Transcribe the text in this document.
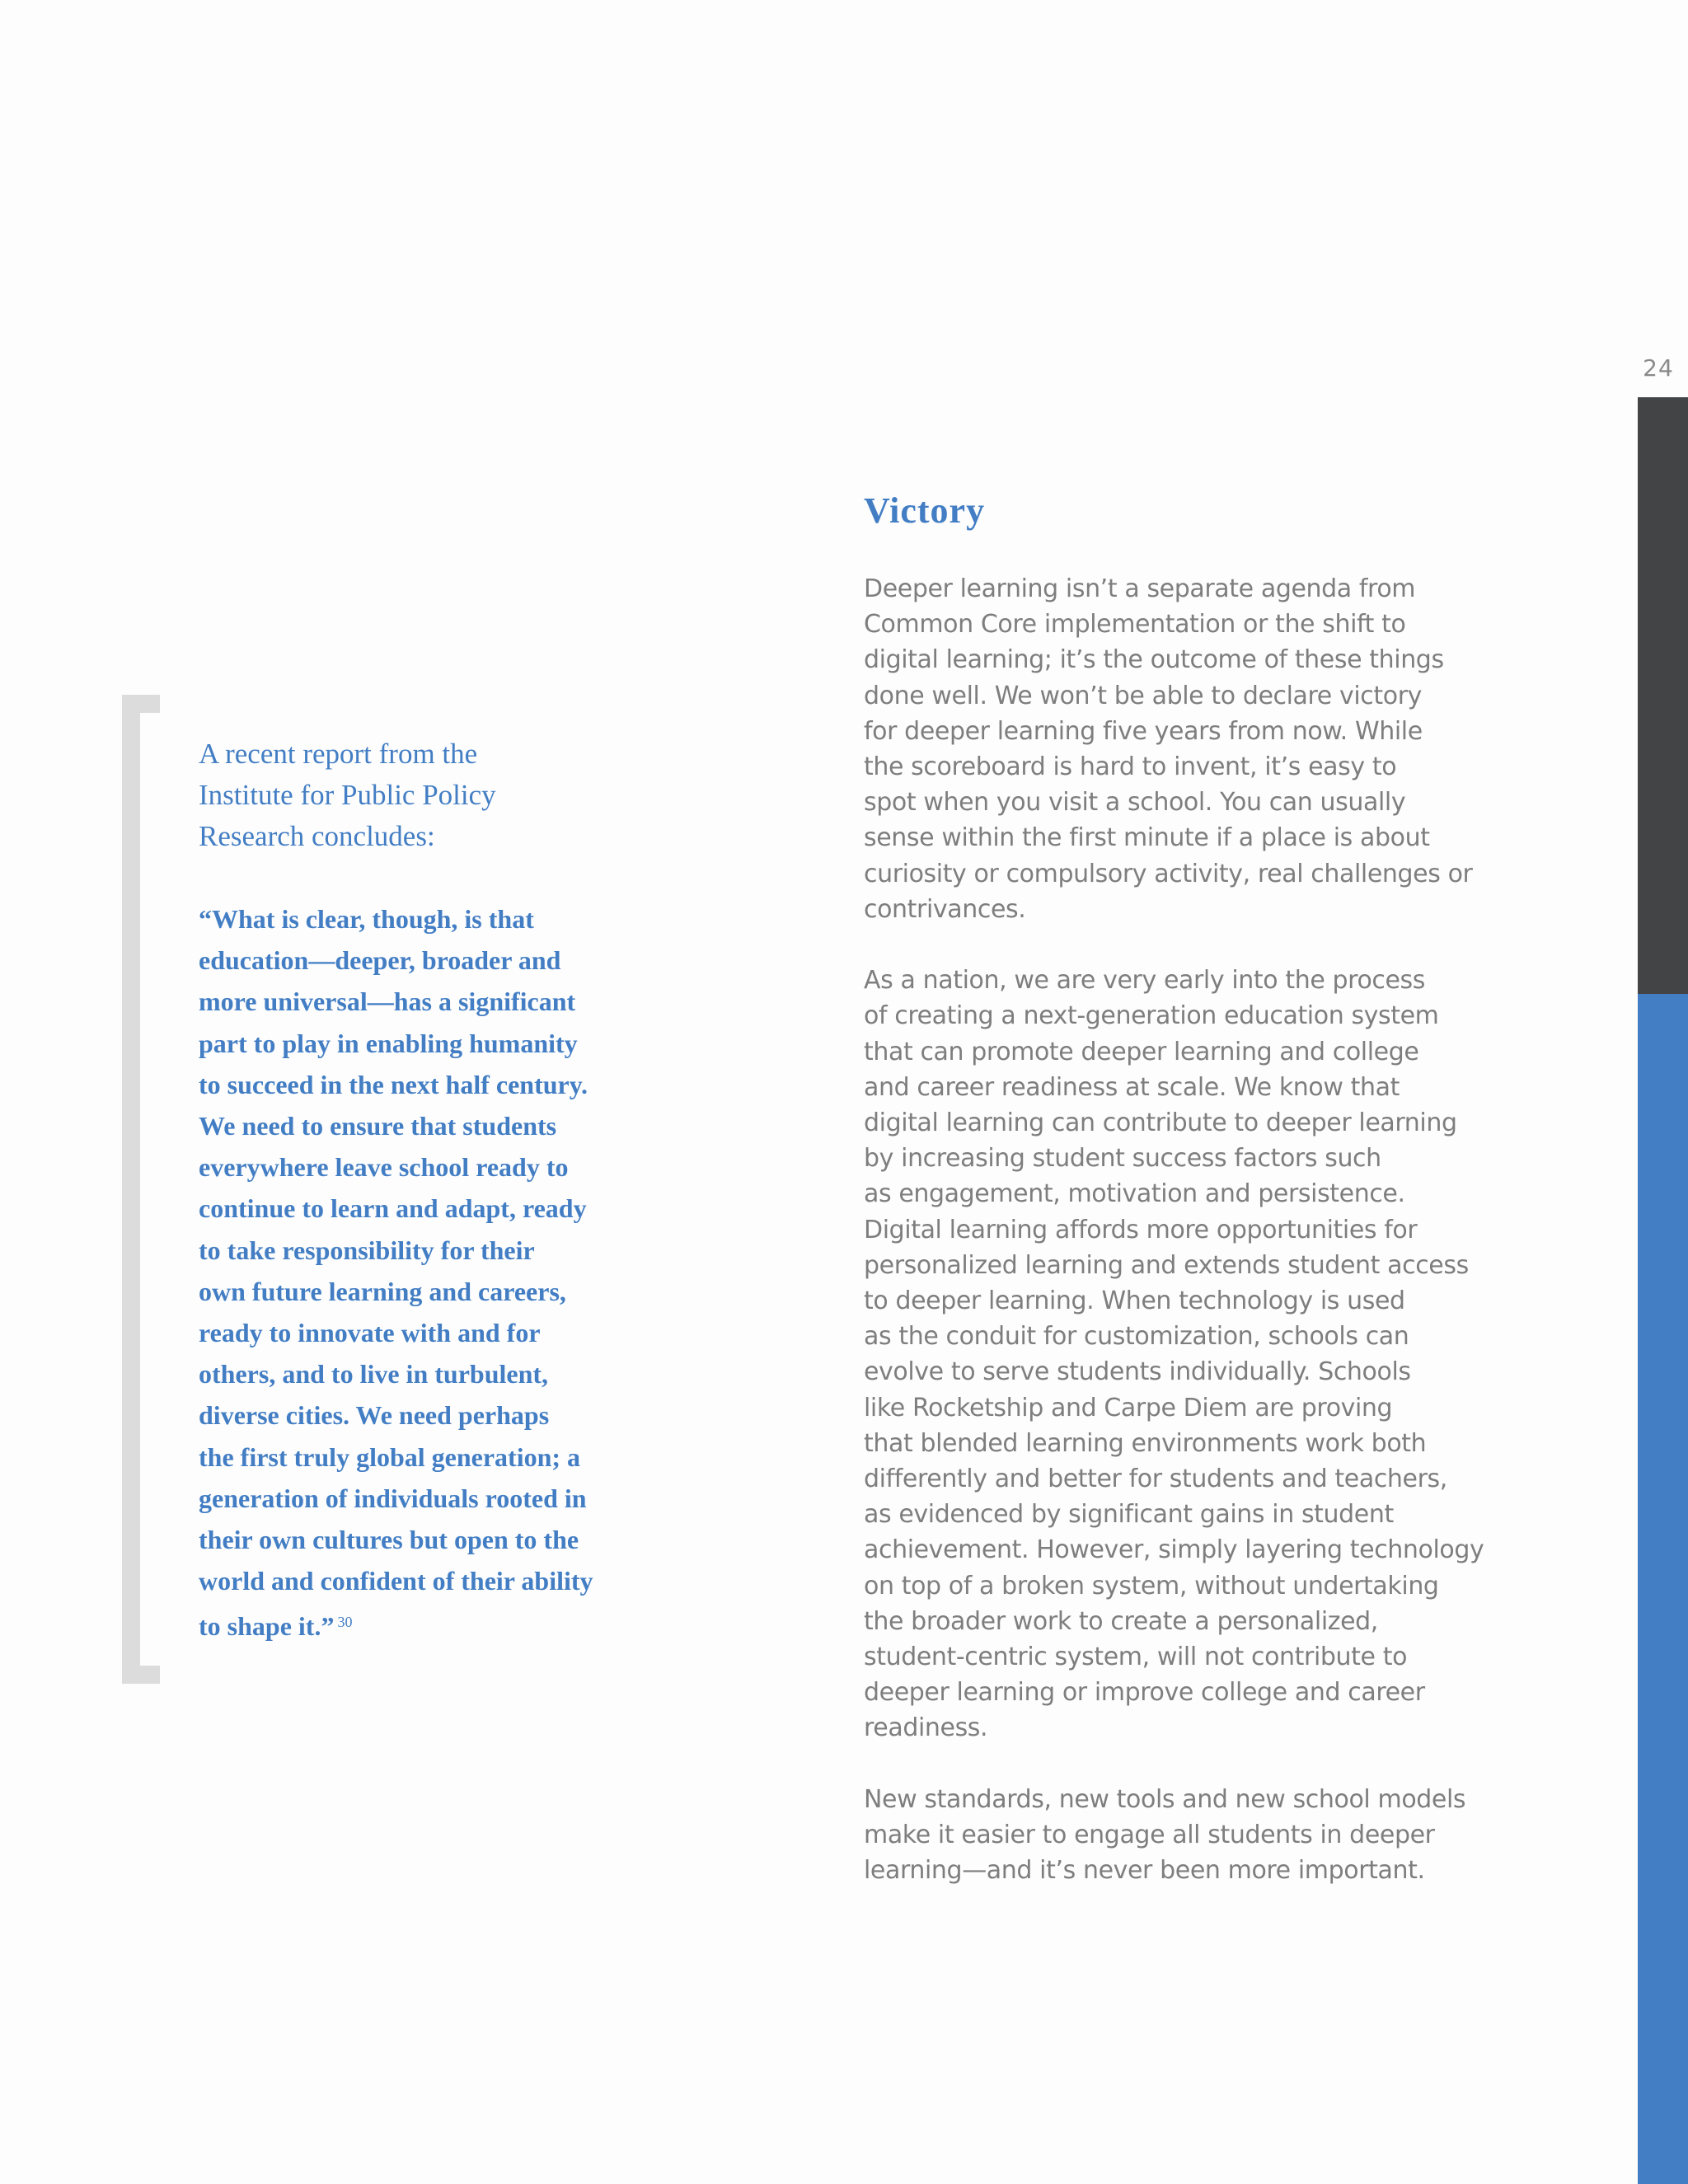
24

A recent report from the
Institute for Public Policy
Research concludes:

“What is clear, though, is that
education—deeper, broader and
more universal—has a significant
part to play in enabling humanity
to succeed in the next half century.
We need to ensure that students
everywhere leave school ready to
continue to learn and adapt, ready
to take responsibility for their
own future learning and careers,
ready to innovate with and for
others, and to live in turbulent,
diverse cities. We need perhaps
the first truly global generation; a
generation of individuals rooted in
their own cultures but open to the
world and confident of their ability
to shape it.” $^{30}$

Victory

Deeper learning isn’t a separate agenda from
Common Core implementation or the shift to
digital learning; it’s the outcome of these things
done well. We won’t be able to declare victory
for deeper learning five years from now. While
the scoreboard is hard to invent, it’s easy to
spot when you visit a school. You can usually
sense within the first minute if a place is about
curiosity or compulsory activity, real challenges or
contrivances.

As a nation, we are very early into the process
of creating a next-generation education system
that can promote deeper learning and college
and career readiness at scale. We know that
digital learning can contribute to deeper learning
by increasing student success factors such
as engagement, motivation and persistence.
Digital learning affords more opportunities for
personalized learning and extends student access
to deeper learning. When technology is used
as the conduit for customization, schools can
evolve to serve students individually. Schools
like Rocketship and Carpe Diem are proving
that blended learning environments work both
differently and better for students and teachers,
as evidenced by significant gains in student
achievement. However, simply layering technology
on top of a broken system, without undertaking
the broader work to create a personalized,
student-centric system, will not contribute to
deeper learning or improve college and career
readiness.

New standards, new tools and new school models
make it easier to engage all students in deeper
learning—and it’s never been more important.
